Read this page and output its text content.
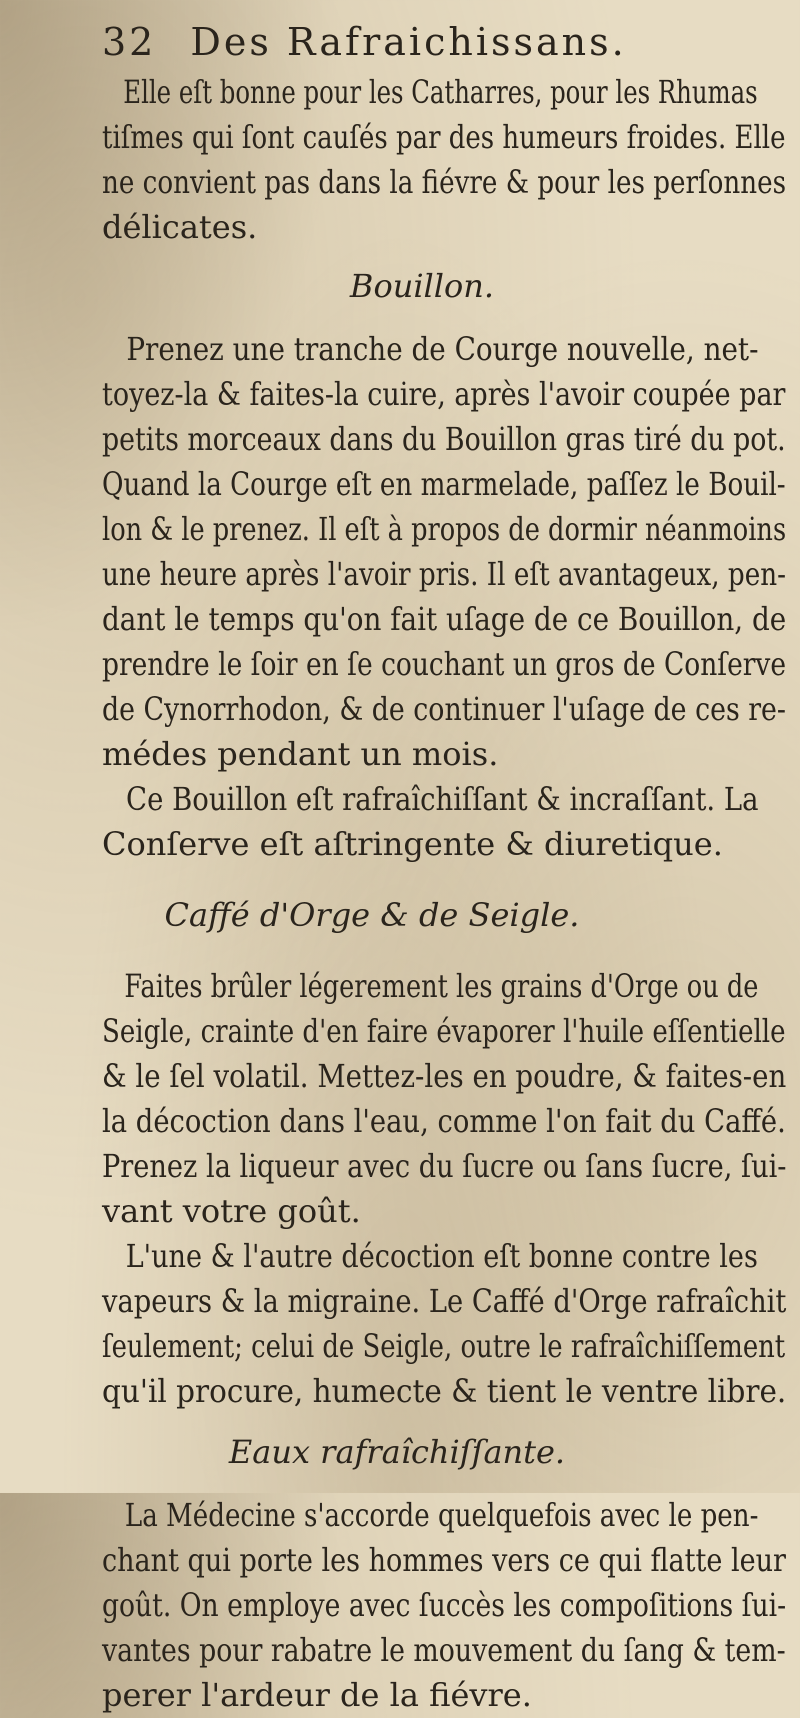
32 Des Rafraichissans.
Elle eſt bonne pour les Catharres, pour les Rhumas
tiſmes qui ſont cauſés par des humeurs froides. Elle
ne convient pas dans la fiévre & pour les perſonnes
délicates.
Bouillon.
Prenez une tranche de Courge nouvelle, net-
toyez-la & faites-la cuire, après l'avoir coupée par
petits morceaux dans du Bouillon gras tiré du pot.
Quand la Courge eſt en marmelade, paſſez le Bouil-
lon & le prenez. Il eſt à propos de dormir néanmoins
une heure après l'avoir pris. Il eſt avantageux, pen-
dant le temps qu'on fait uſage de ce Bouillon, de
prendre le ſoir en ſe couchant un gros de Conſerve
de Cynorrhodon, & de continuer l'uſage de ces re-
médes pendant un mois.
Ce Bouillon eſt rafraîchiſſant & incraſſant. La
Conſerve eſt aſtringente & diuretique.
Caffé d'Orge & de Seigle.
Faites brûler légerement les grains d'Orge ou de
Seigle, crainte d'en faire évaporer l'huile eſſentielle
& le ſel volatil. Mettez-les en poudre, & faites-en
la décoction dans l'eau, comme l'on fait du Caffé.
Prenez la liqueur avec du ſucre ou ſans ſucre, ſui-
vant votre goût.
L'une & l'autre décoction eſt bonne contre les
vapeurs & la migraine. Le Caffé d'Orge rafraîchit
ſeulement; celui de Seigle, outre le rafraîchiſſement
qu'il procure, humecte & tient le ventre libre.
Eaux rafraîchiſſante.
La Médecine s'accorde quelquefois avec le pen-
chant qui porte les hommes vers ce qui flatte leur
goût. On employe avec ſuccès les compoſitions ſui-
vantes pour rabatre le mouvement du ſang & tem-
perer l'ardeur de la fiévre.
